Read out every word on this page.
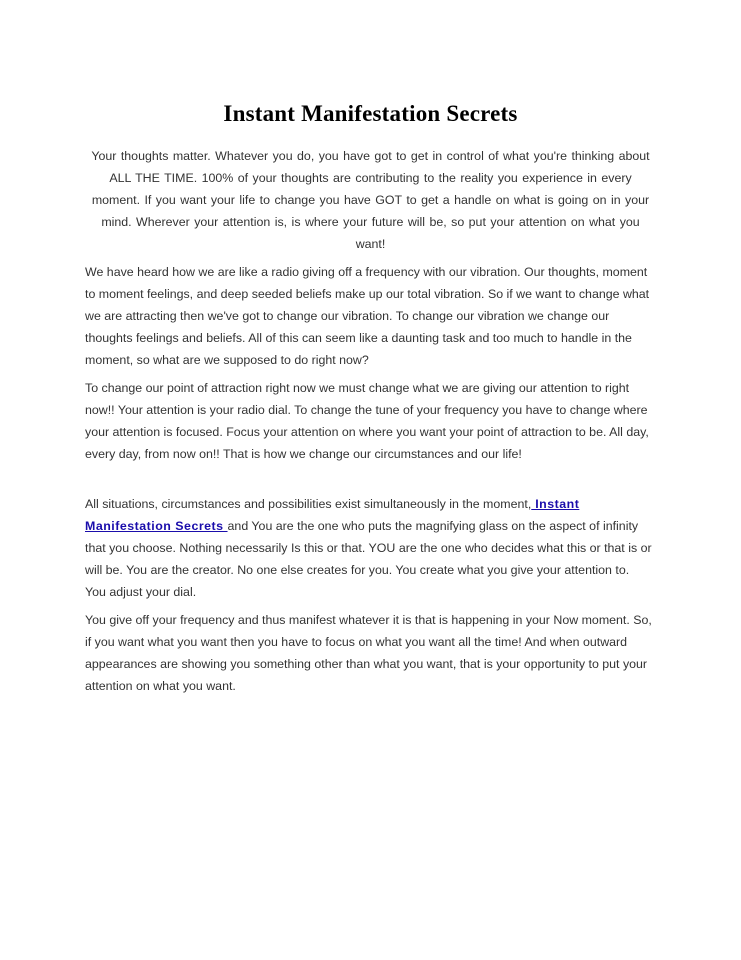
Instant Manifestation Secrets

Your thoughts matter. Whatever you do, you have got to get in control of what you're thinking about ALL THE TIME. 100% of your thoughts are contributing to the reality you experience in every moment. If you want your life to change you have GOT to get a handle on what is going on in your mind. Wherever your attention is, is where your future will be, so put your attention on what you want!

We have heard how we are like a radio giving off a frequency with our vibration. Our thoughts, moment to moment feelings, and deep seeded beliefs make up our total vibration. So if we want to change what we are attracting then we've got to change our vibration. To change our vibration we change our thoughts feelings and beliefs. All of this can seem like a daunting task and too much to handle in the moment, so what are we supposed to do right now?

To change our point of attraction right now we must change what we are giving our attention to right now!! Your attention is your radio dial. To change the tune of your frequency you have to change where your attention is focused. Focus your attention on where you want your point of attraction to be. All day, every day, from now on!! That is how we change our circumstances and our life!

All situations, circumstances and possibilities exist simultaneously in the moment, Instant Manifestation Secrets and You are the one who puts the magnifying glass on the aspect of infinity that you choose. Nothing necessarily Is this or that. YOU are the one who decides what this or that is or will be. You are the creator. No one else creates for you. You create what you give your attention to. You adjust your dial.

You give off your frequency and thus manifest whatever it is that is happening in your Now moment. So, if you want what you want then you have to focus on what you want all the time! And when outward appearances are showing you something other than what you want, that is your opportunity to put your attention on what you want.
